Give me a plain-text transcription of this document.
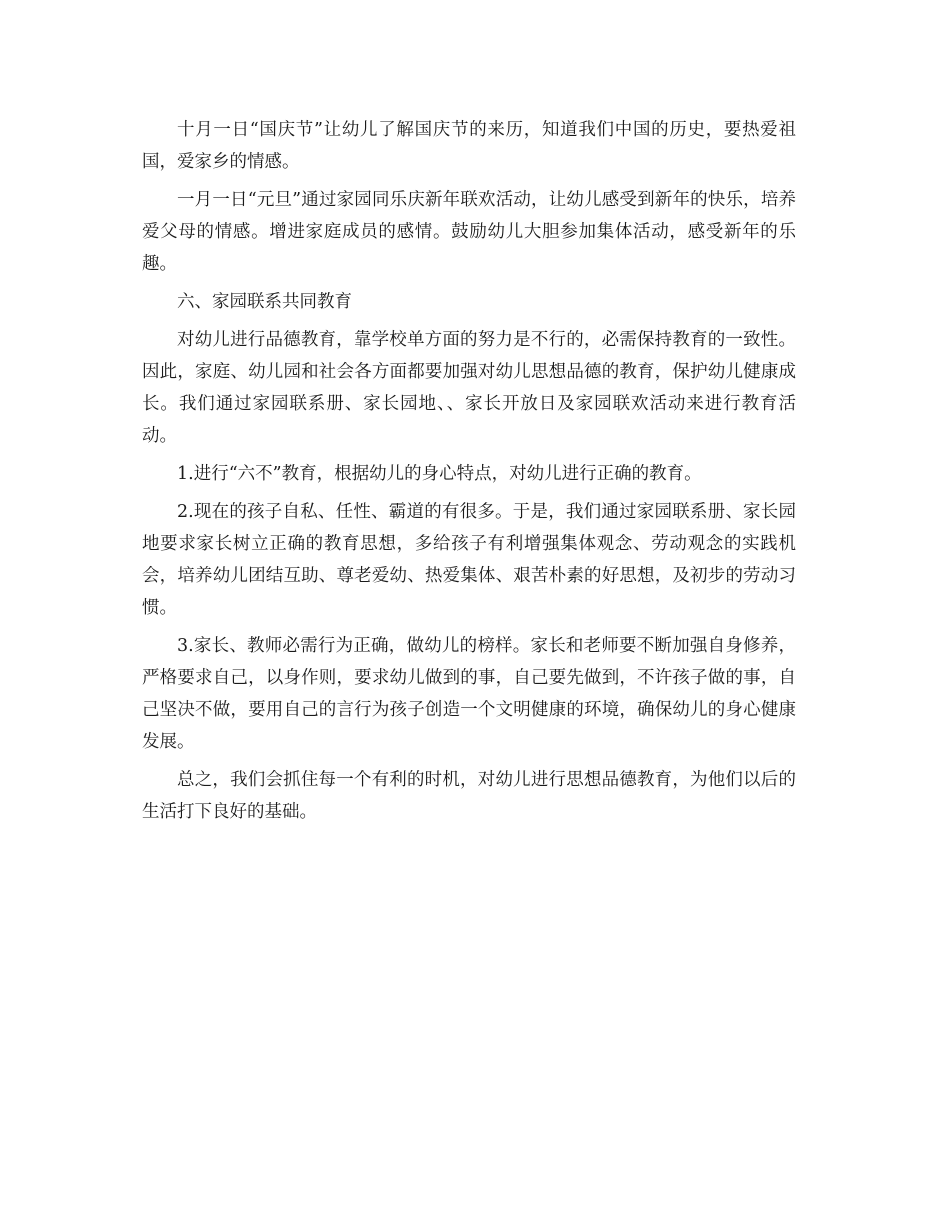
十月一日“国庆节”让幼儿了解国庆节的来历，知道我们中国的历史，要热爱祖国，爱家乡的情感。

一月一日“元旦”通过家园同乐庆新年联欢活动，让幼儿感受到新年的快乐，培养爱父母的情感。增进家庭成员的感情。鼓励幼儿大胆参加集体活动，感受新年的乐趣。

六、家园联系共同教育

对幼儿进行品德教育，靠学校单方面的努力是不行的，必需保持教育的一致性。因此，家庭、幼儿园和社会各方面都要加强对幼儿思想品德的教育，保护幼儿健康成长。我们通过家园联系册、家长园地、、家长开放日及家园联欢活动来进行教育活动。

1.进行“六不”教育，根据幼儿的身心特点，对幼儿进行正确的教育。

2.现在的孩子自私、任性、霸道的有很多。于是，我们通过家园联系册、家长园地要求家长树立正确的教育思想，多给孩子有利增强集体观念、劳动观念的实践机会，培养幼儿团结互助、尊老爱幼、热爱集体、艰苦朴素的好思想，及初步的劳动习惯。

3.家长、教师必需行为正确，做幼儿的榜样。家长和老师要不断加强自身修养，严格要求自己，以身作则，要求幼儿做到的事，自己要先做到，不许孩子做的事，自己坚决不做，要用自己的言行为孩子创造一个文明健康的环境，确保幼儿的身心健康发展。

总之，我们会抓住每一个有利的时机，对幼儿进行思想品德教育，为他们以后的生活打下良好的基础。
